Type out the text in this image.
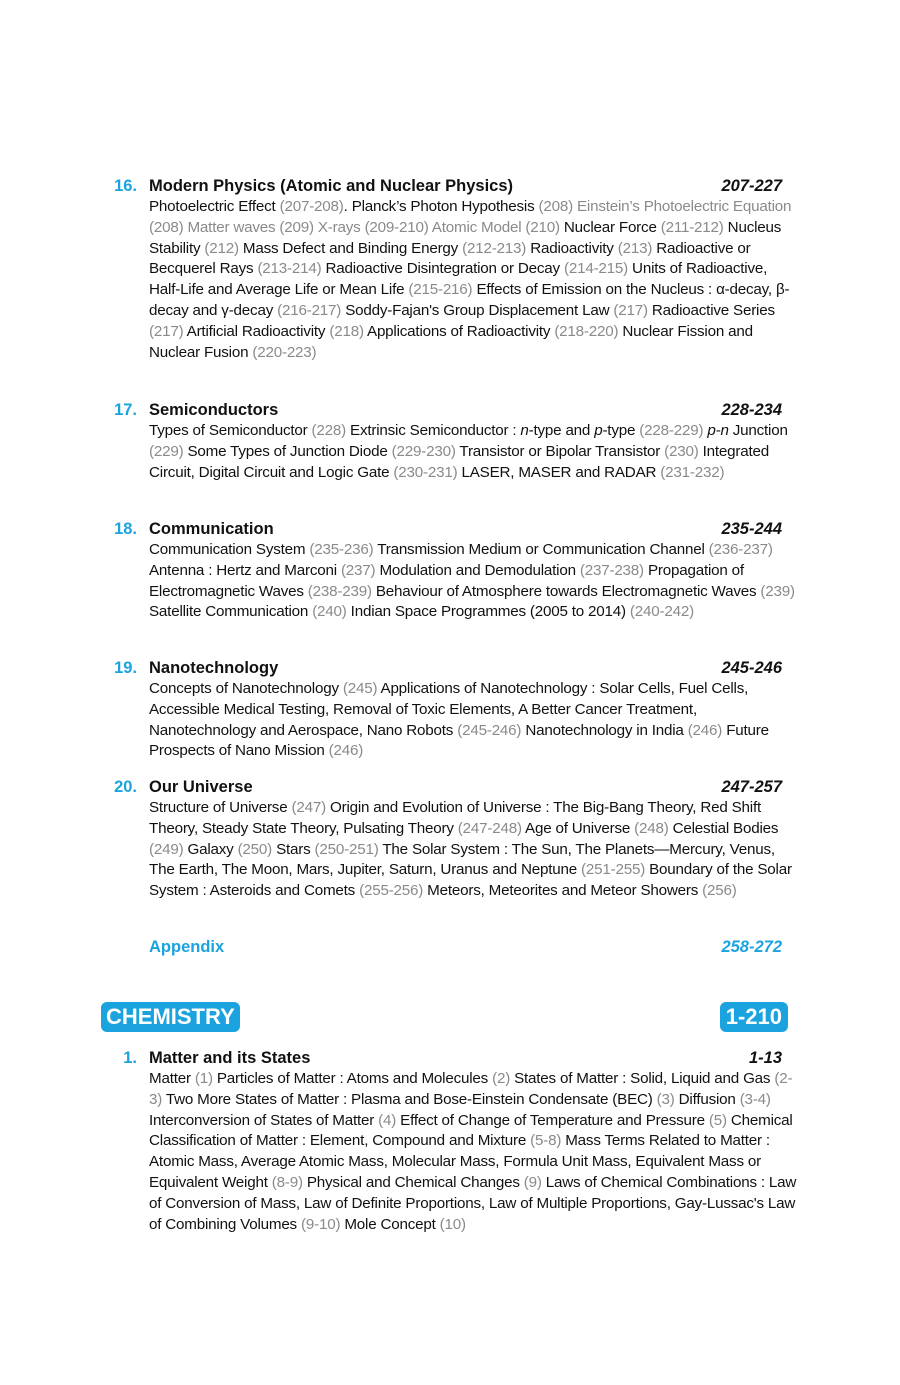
16. Modern Physics (Atomic and Nuclear Physics)	207-227
Photoelectric Effect (207-208). Planck’s Photon Hypothesis (208) Einstein’s Photoelectric Equation (208) Matter waves (209) X-rays (209-210) Atomic Model (210) Nuclear Force (211-212) Nucleus Stability (212) Mass Defect and Binding Energy (212-213) Radioactivity (213) Radioactive or Becquerel Rays (213-214) Radioactive Disintegration or Decay (214-215) Units of Radioactive, Half-Life and Average Life or Mean Life (215-216) Effects of Emission on the Nucleus : α-decay, β-decay and γ-decay (216-217) Soddy-Fajan's Group Displacement Law (217) Radioactive Series (217) Artificial Radioactivity (218) Applications of Radioactivity (218-220) Nuclear Fission and Nuclear Fusion (220-223)
17. Semiconductors	228-234
Types of Semiconductor (228) Extrinsic Semiconductor : n-type and p-type (228-229) p-n Junction (229) Some Types of Junction Diode (229-230) Transistor or Bipolar Transistor (230) Integrated Circuit, Digital Circuit and Logic Gate (230-231) LASER, MASER and RADAR (231-232)
18. Communication	235-244
Communication System (235-236) Transmission Medium or Communication Channel (236-237) Antenna : Hertz and Marconi (237) Modulation and Demodulation (237-238) Propagation of Electromagnetic Waves (238-239) Behaviour of Atmosphere towards Electromagnetic Waves (239) Satellite Communication (240) Indian Space Programmes (2005 to 2014) (240-242)
19. Nanotechnology	245-246
Concepts of Nanotechnology (245) Applications of Nanotechnology : Solar Cells, Fuel Cells, Accessible Medical Testing, Removal of Toxic Elements, A Better Cancer Treatment, Nanotechnology and Aerospace, Nano Robots (245-246) Nanotechnology in India (246) Future Prospects of Nano Mission (246)
20. Our Universe	247-257
Structure of Universe (247) Origin and Evolution of Universe : The Big-Bang Theory, Red Shift Theory, Steady State Theory, Pulsating Theory (247-248) Age of Universe (248) Celestial Bodies (249) Galaxy (250) Stars (250-251) The Solar System : The Sun, The Planets—Mercury, Venus, The Earth, The Moon, Mars, Jupiter, Saturn, Uranus and Neptune (251-255) Boundary of the Solar System : Asteroids and Comets (255-256) Meteors, Meteorites and Meteor Showers (256)
Appendix	258-272
CHEMISTRY	1-210
1. Matter and its States	1-13
Matter (1) Particles of Matter : Atoms and Molecules (2) States of Matter : Solid, Liquid and Gas (2-3) Two More States of Matter : Plasma and Bose-Einstein Condensate (BEC) (3) Diffusion (3-4) Interconversion of States of Matter (4) Effect of Change of Temperature and Pressure (5) Chemical Classification of Matter : Element, Compound and Mixture (5-8) Mass Terms Related to Matter : Atomic Mass, Average Atomic Mass, Molecular Mass, Formula Unit Mass, Equivalent Mass or Equivalent Weight (8-9) Physical and Chemical Changes (9) Laws of Chemical Combinations : Law of Conversion of Mass, Law of Definite Proportions, Law of Multiple Proportions, Gay-Lussac's Law of Combining Volumes (9-10) Mole Concept (10)
